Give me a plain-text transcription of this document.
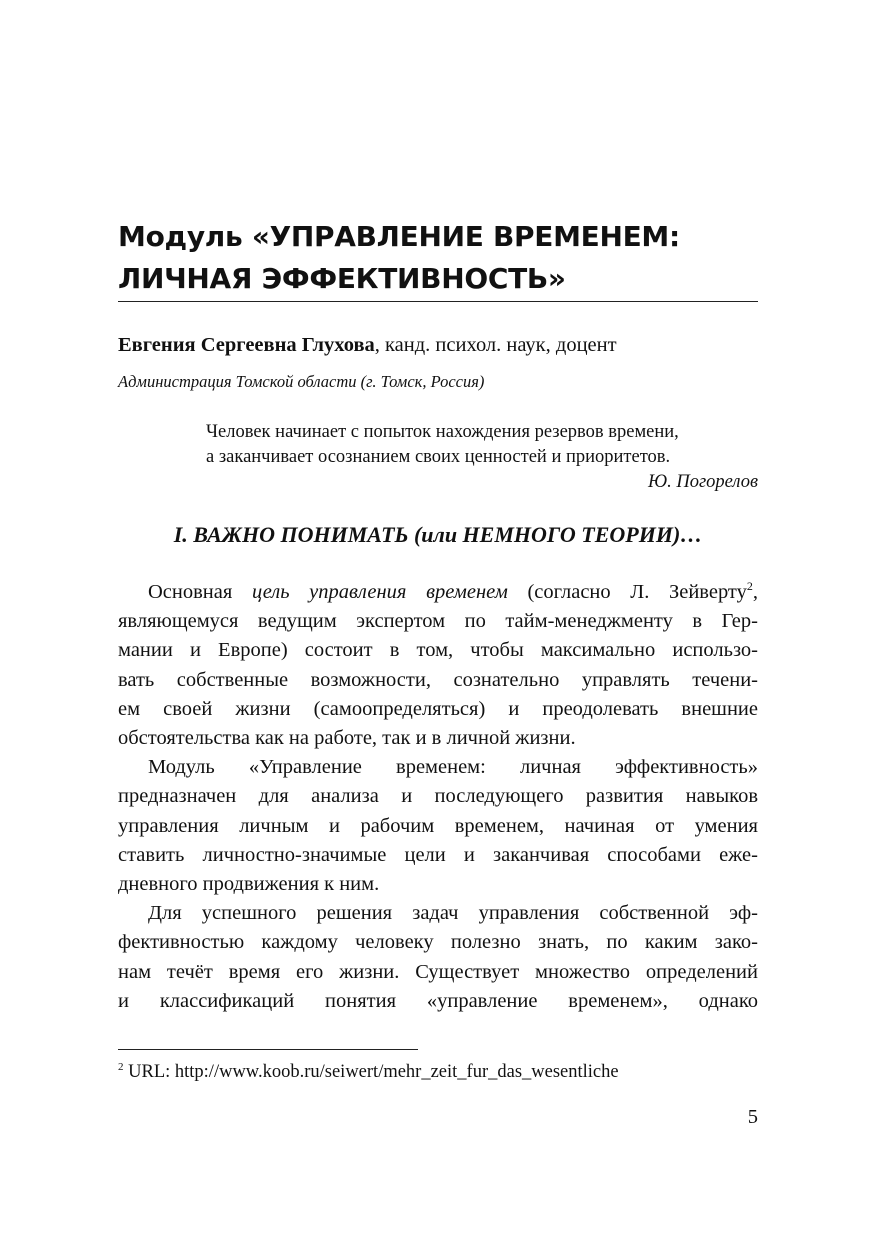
Модуль «УПРАВЛЕНИЕ ВРЕМЕНЕМ:
ЛИЧНАЯ ЭФФЕКТИВНОСТЬ»
Евгения Сергеевна Глухова, канд. психол. наук, доцент
Администрация Томской области (г. Томск, Россия)
Человек начинает с попыток нахождения резервов времени,
а заканчивает осознанием своих ценностей и приоритетов.
Ю. Погорелов
I. ВАЖНО ПОНИМАТЬ (или НЕМНОГО ТЕОРИИ)…
Основная цель управления временем (согласно Л. Зейверту$^2$,
являющемуся ведущим экспертом по тайм-менеджменту в Гер-
мании и Европе) состоит в том, чтобы максимально использо-
вать собственные возможности, сознательно управлять течени-
ем своей жизни (самоопределяться) и преодолевать внешние
обстоятельства как на работе, так и в личной жизни.
Модуль «Управление временем: личная эффективность»
предназначен для анализа и последующего развития навыков
управления личным и рабочим временем, начиная от умения
ставить личностно-значимые цели и заканчивая способами еже-
дневного продвижения к ним.
Для успешного решения задач управления собственной эф-
фективностью каждому человеку полезно знать, по каким зако-
нам течёт время его жизни. Существует множество определений
и классификаций понятия «управление временем», однако
$^2$ URL: http://www.koob.ru/seiwert/mehr_zeit_fur_das_wesentliche
5
